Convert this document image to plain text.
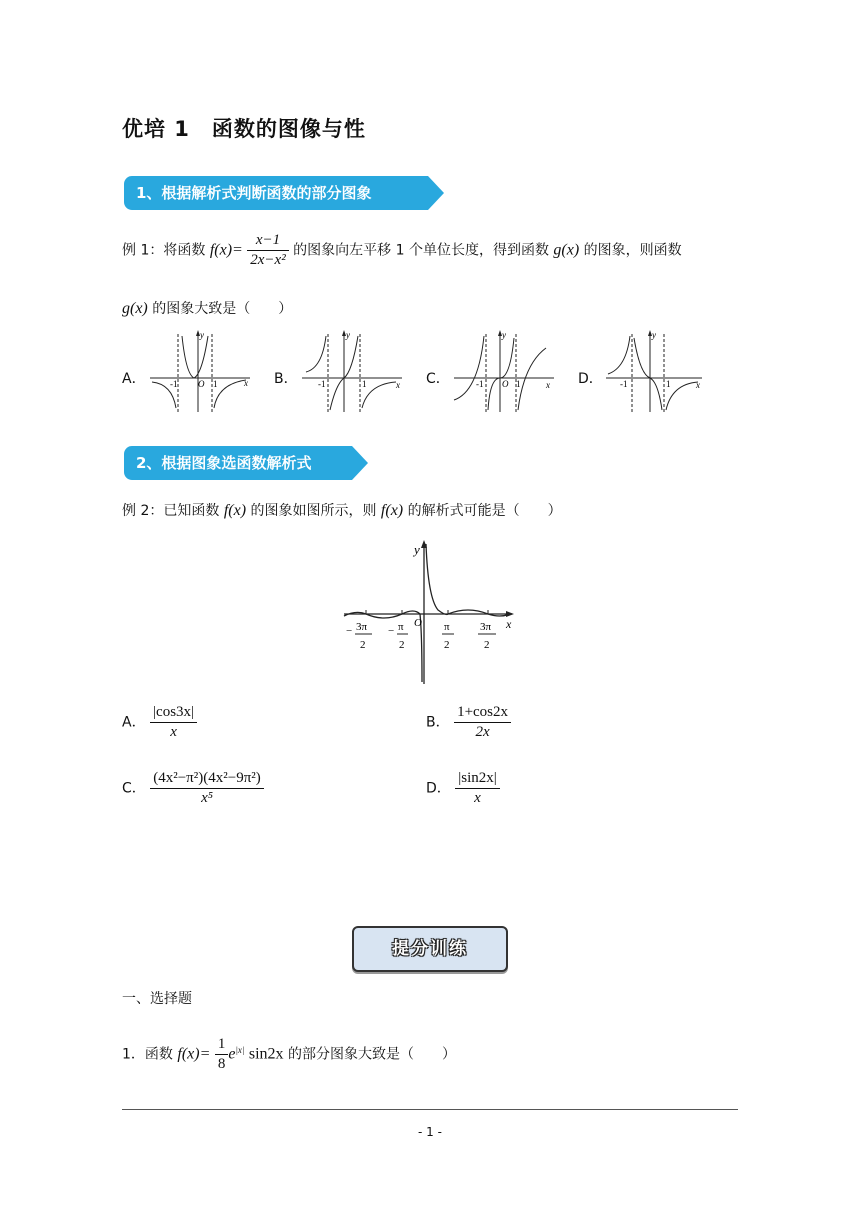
优培 1　函数的图像与性
1、根据解析式判断函数的部分图象
例 1：将函数 $f(x)= \frac{x-1}{\text{2x−x²}}$ 的图象向左平移 1 个单位长度，得到函数 g(x) 的图象，则函数
g(x) 的图象大致是（　　）
A．	B．	C．	D．
y
x
-1 O 1
y
x
-1	1
y
x
-1 O 1
y
x
-1	1
2、根据图象选函数解析式
例 2：已知函数 f(x) 的图象如图所示，则 f(x) 的解析式可能是（　　）
y
x
O
− 3π
2
− π
2
π
2
3π
2
A． $\frac{|\cos 3x|}{x}$	B． $\frac{1+\cos 2x}{2x}$
C． $\frac{\text{(4x²−π²)(4x²−9π²)}}{\text{x⁵}}$	D． $\frac{|\sin 2x|}{x}$
提分训练
一、选择题
1．函数 $f(x)= \frac{1}{8} e^{|x|}$ sin2x 的部分图象大致是（　　）
- 1 -
